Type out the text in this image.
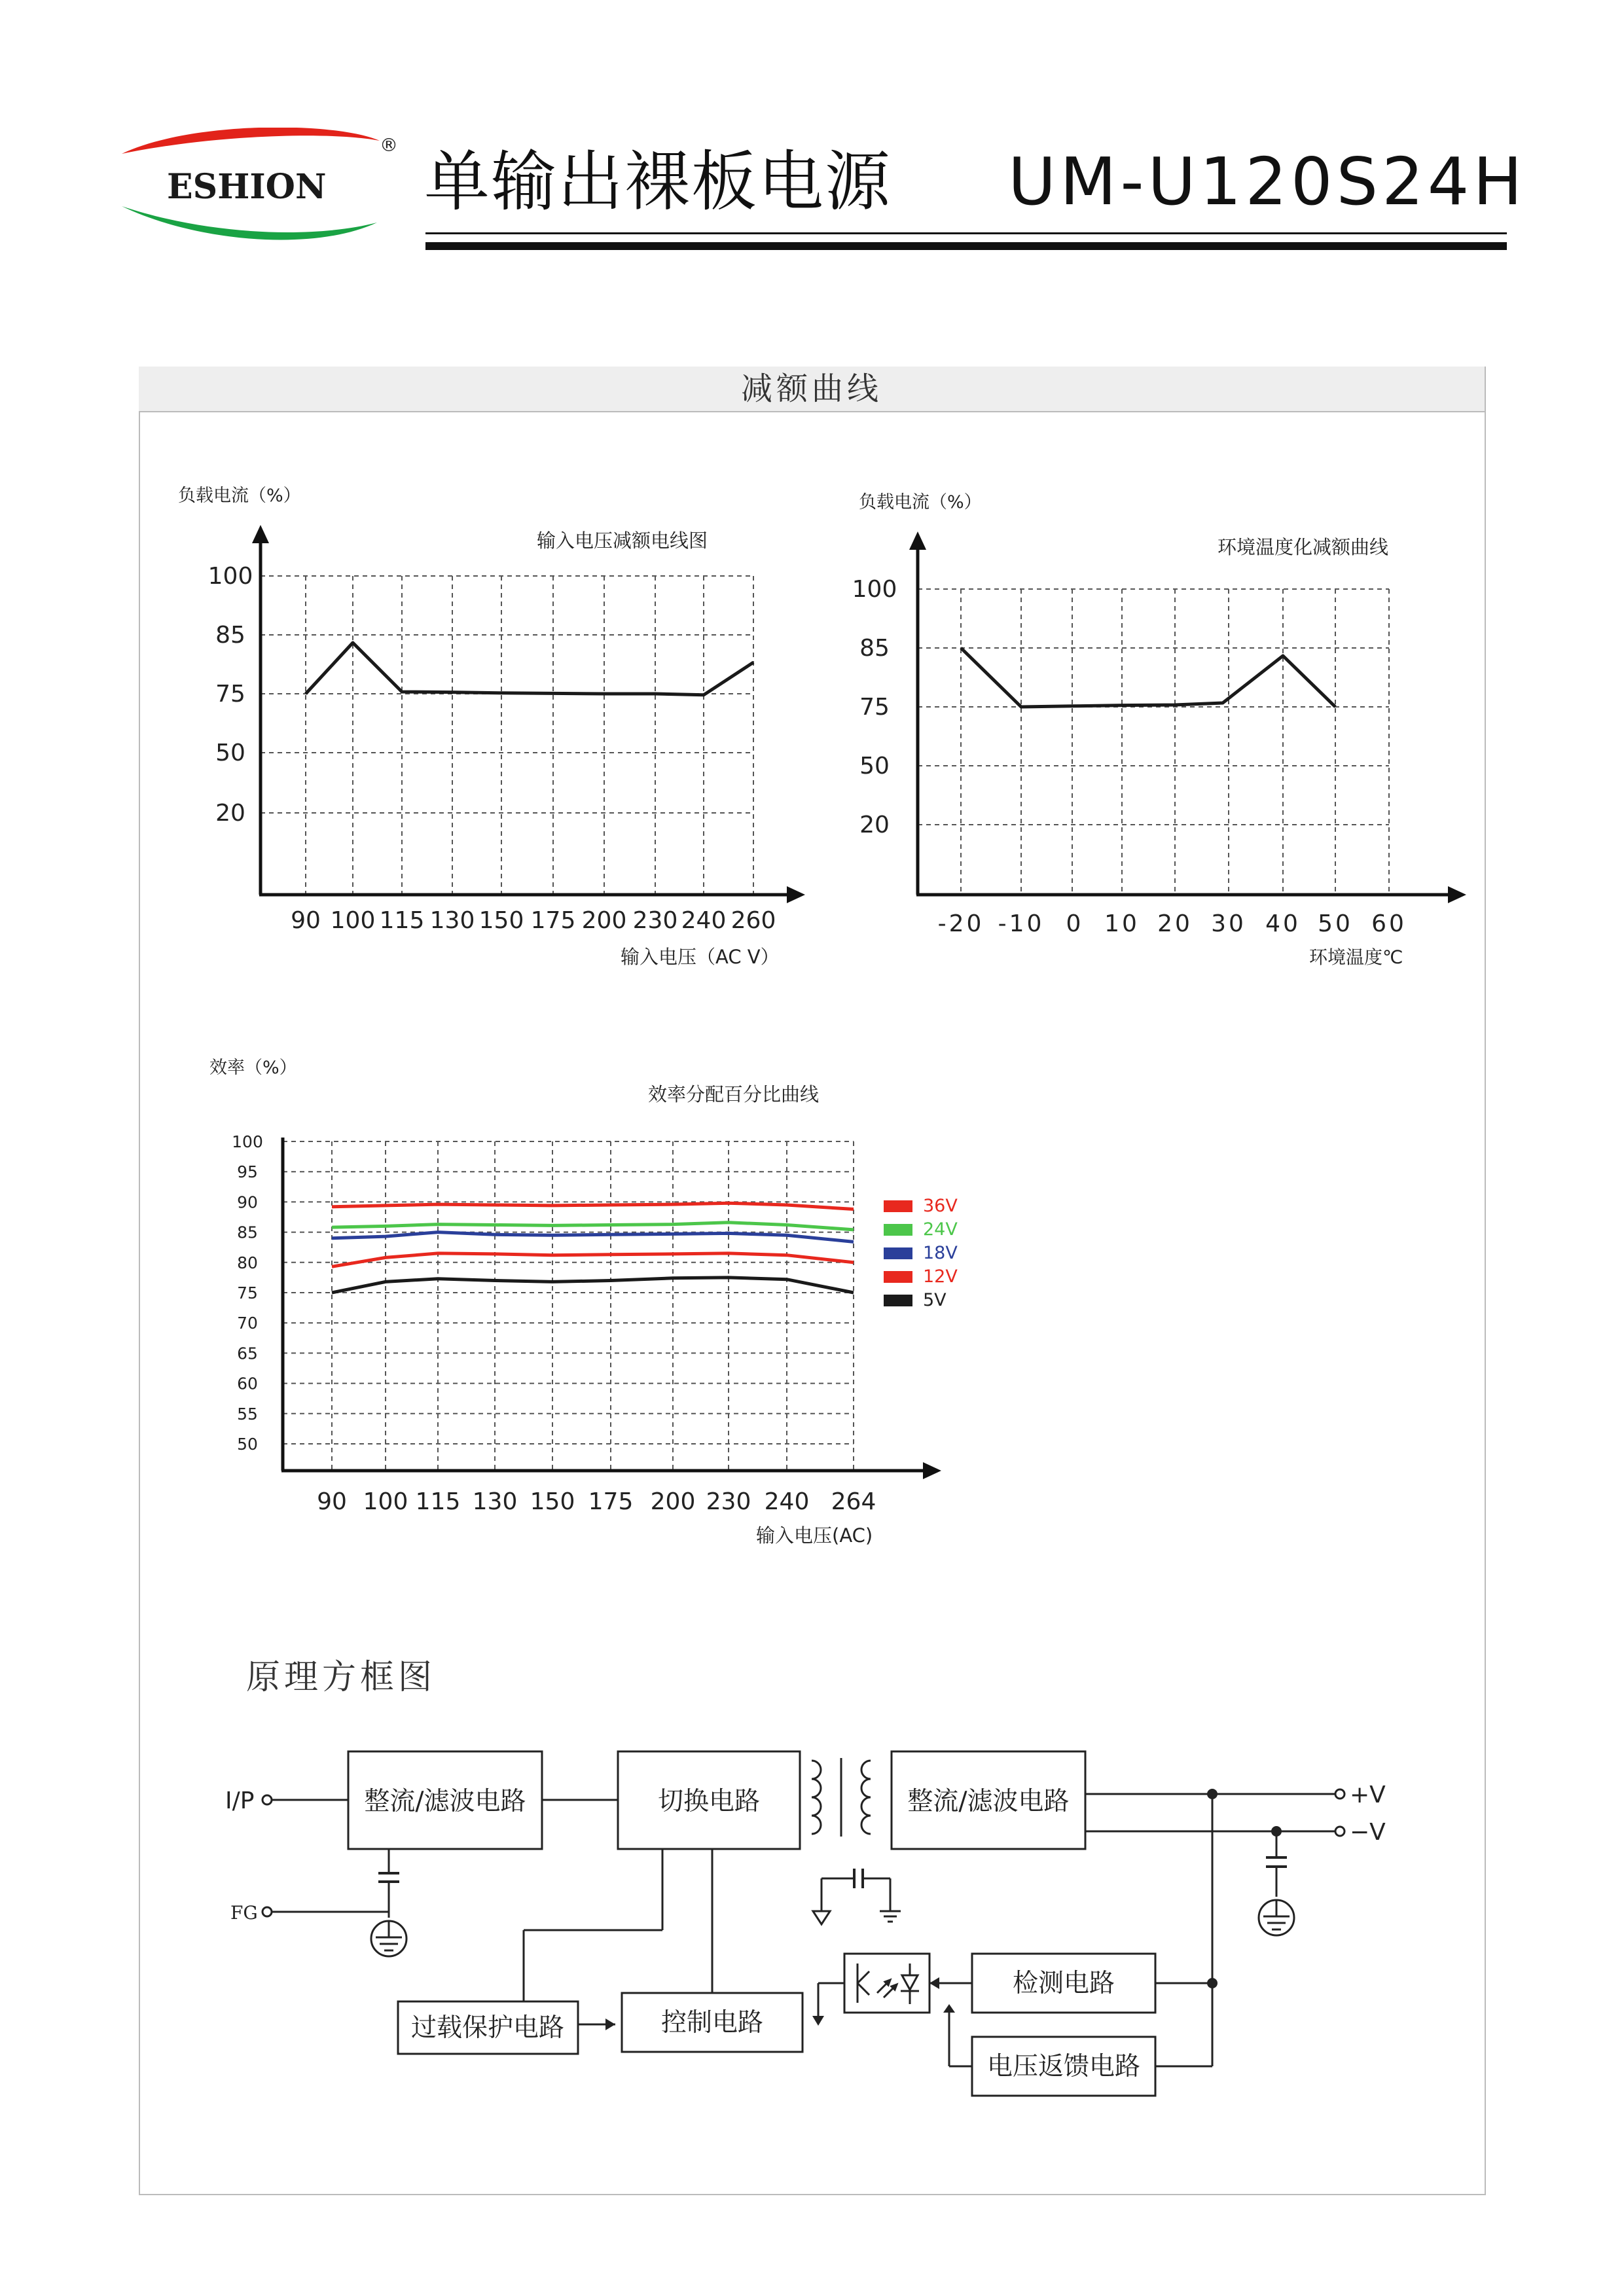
ESHION
® 单输出裸板电源 UM-U120S24H
减额曲线
负载电流（%）
输入电压减额电线图
100
85
75
50
20
90 100 115 130 150 175 200 230 240 260
输入电压（AC V）
负载电流（%）
环境温度化减额曲线
100
85
75
50
20
-20 -10 0 10 20 30 40 50 60
环境温度℃
效率（%）
效率分配百分比曲线
100
95
90
85
80
75
70
65
60
55
50
90 100 115 130 150 175 200 230 240 264
36V
24V
18V
12V
5V
输入电压(AC)
原理方框图
整流/滤波电路	切换电路	整流/滤波电路
检测电路
过载保护电路	控制电路
电压返馈电路
I/P
FG
+V
−V
